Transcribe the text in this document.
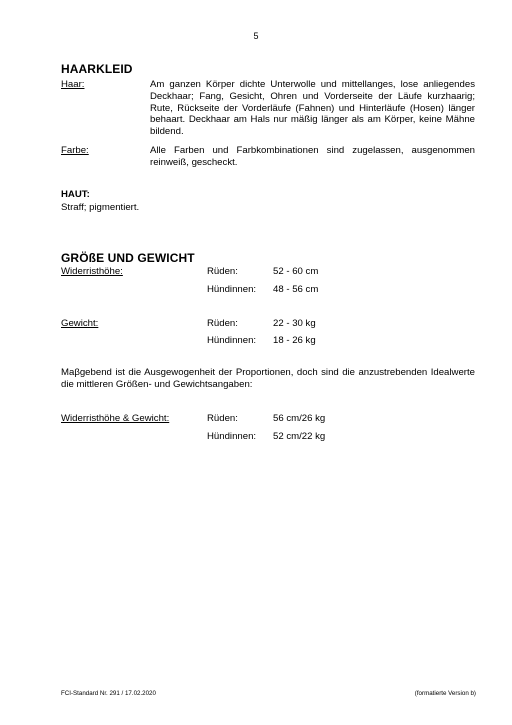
5
HAARKLEID
Haar:	Am ganzen Körper dichte Unterwolle und mittellanges, lose anliegendes Deckhaar; Fang, Gesicht, Ohren und Vorderseite der Läufe kurzhaarig; Rute, Rückseite der Vorderläufe (Fahnen) und Hinterläufe (Hosen) länger behaart. Deckhaar am Hals nur mäßig länger als am Körper, keine Mähne bildend.
Farbe:	Alle Farben und Farbkombinationen sind zugelassen, ausgenommen reinweiß, gescheckt.
HAUT:
Straff; pigmentiert.
GRÖßE UND GEWICHT
Widerristhöhe:	Rüden:	52 - 60 cm
Hündinnen: 48 - 56 cm
Gewicht:	Rüden:	22 - 30 kg
Hündinnen: 18 - 26 kg
Maβgebend ist die Ausgewogenheit der Proportionen, doch sind die anzustrebenden Idealwerte die mittleren Größen- und Gewichtsangaben:
Widerristhöhe & Gewicht:	Rüden:	56 cm/26 kg
Hündinnen: 52 cm/22 kg
FCI-Standard Nr. 291 / 17.02.2020	(formatierte Version b)
